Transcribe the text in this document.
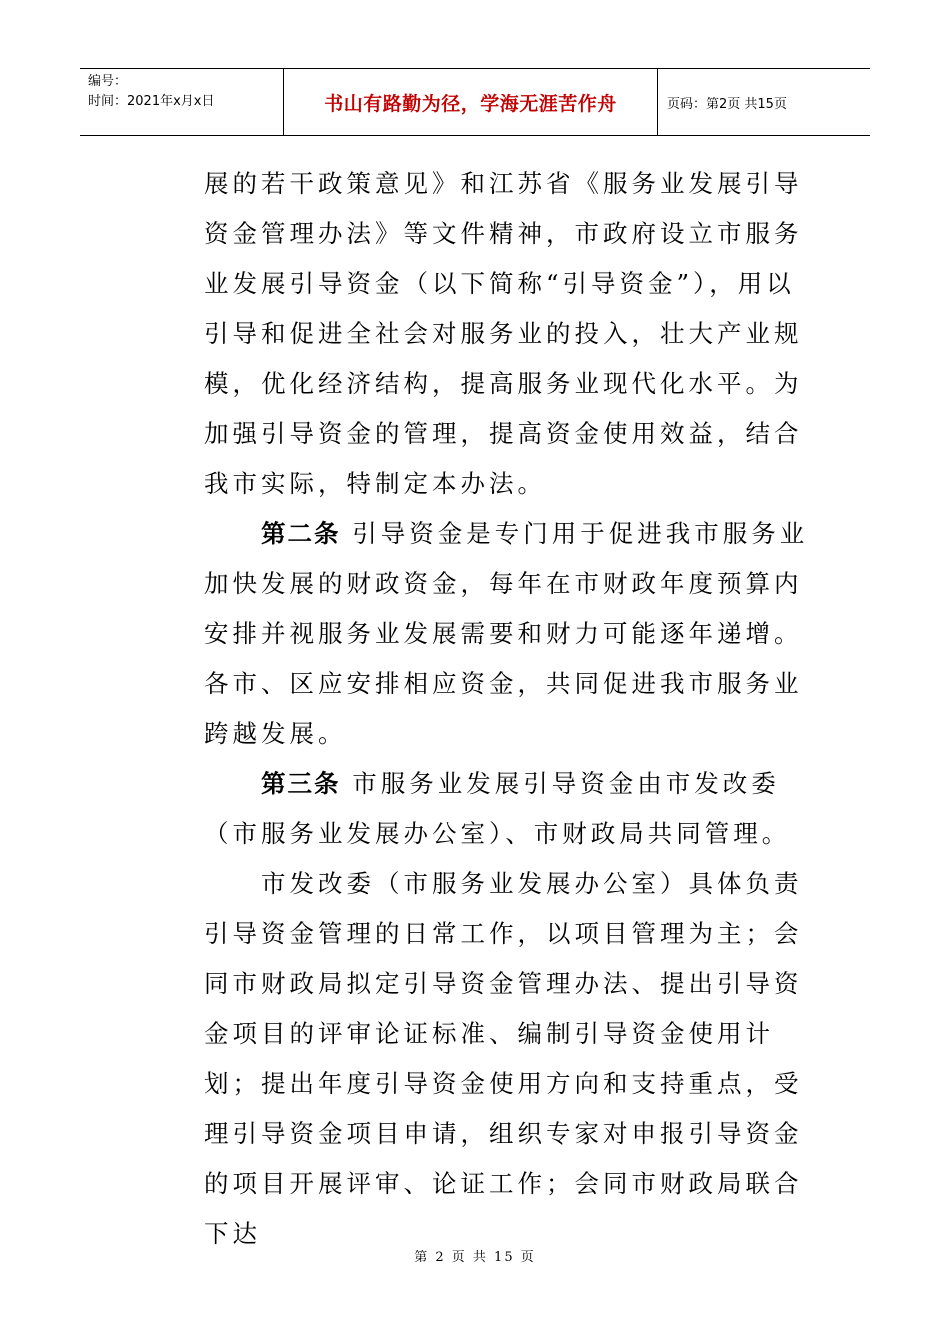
编号：
时间：2021年x月x日	书山有路勤为径，学海无涯苦作舟	页码：第2页 共15页

展的若干政策意见》和江苏省《服务业发展引导资金管理办法》等文件精神，市政府设立市服务业发展引导资金（以下简称“引导资金”），用以引导和促进全社会对服务业的投入，壮大产业规模，优化经济结构，提高服务业现代化水平。为加强引导资金的管理，提高资金使用效益，结合我市实际，特制定本办法。

第二条 引导资金是专门用于促进我市服务业加快发展的财政资金，每年在市财政年度预算内安排并视服务业发展需要和财力可能逐年递增。各市、区应安排相应资金，共同促进我市服务业跨越发展。

第三条 市服务业发展引导资金由市发改委（市服务业发展办公室）、市财政局共同管理。

市发改委（市服务业发展办公室）具体负责引导资金管理的日常工作，以项目管理为主；会同市财政局拟定引导资金管理办法、提出引导资金项目的评审论证标准、编制引导资金使用计划；提出年度引导资金使用方向和支持重点，受理引导资金项目申请，组织专家对申报引导资金的项目开展评审、论证工作；会同市财政局联合下达

第 2 页 共 15 页
